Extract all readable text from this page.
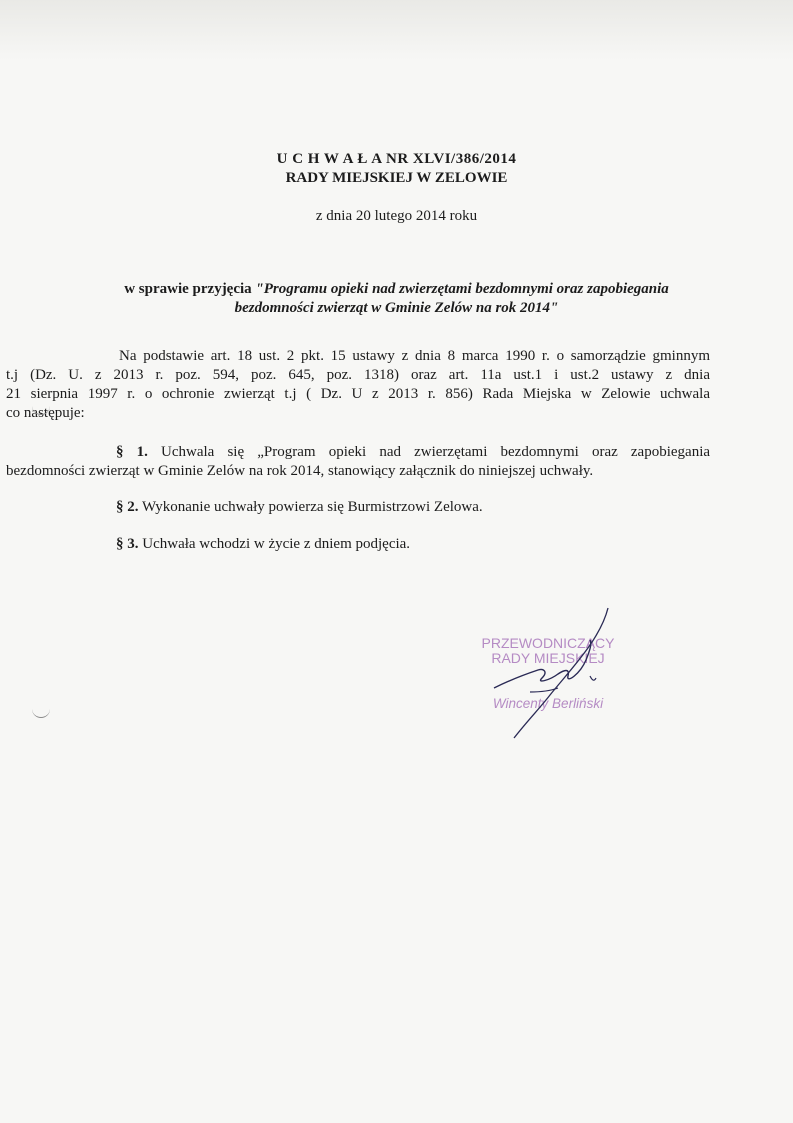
U C H W A Ł A NR XLVI/386/2014
RADY MIEJSKIEJ W ZELOWIE
z dnia 20 lutego 2014 roku
w sprawie przyjęcia "Programu opieki nad zwierzętami bezdomnymi oraz zapobiegania
bezdomności zwierząt w Gminie Zelów na rok 2014"
Na podstawie art. 18 ust. 2 pkt. 15 ustawy z dnia 8 marca 1990 r. o samorządzie gminnym
t.j (Dz. U. z 2013 r. poz. 594, poz. 645, poz. 1318) oraz art. 11a ust.1 i ust.2 ustawy z dnia
21 sierpnia 1997 r. o ochronie zwierząt t.j ( Dz. U z 2013 r. 856) Rada Miejska w Zelowie uchwala
co następuje:
§ 1. Uchwala się „Program opieki nad zwierzętami bezdomnymi oraz zapobiegania
bezdomności zwierząt w Gminie Zelów na rok 2014, stanowiący załącznik do niniejszej uchwały.
§ 2. Wykonanie uchwały powierza się Burmistrzowi Zelowa.
§ 3. Uchwała wchodzi w życie z dniem podjęcia.
PRZEWODNICZĄCY
RADY MIEJSKIEJ
Wincenty Berliński
